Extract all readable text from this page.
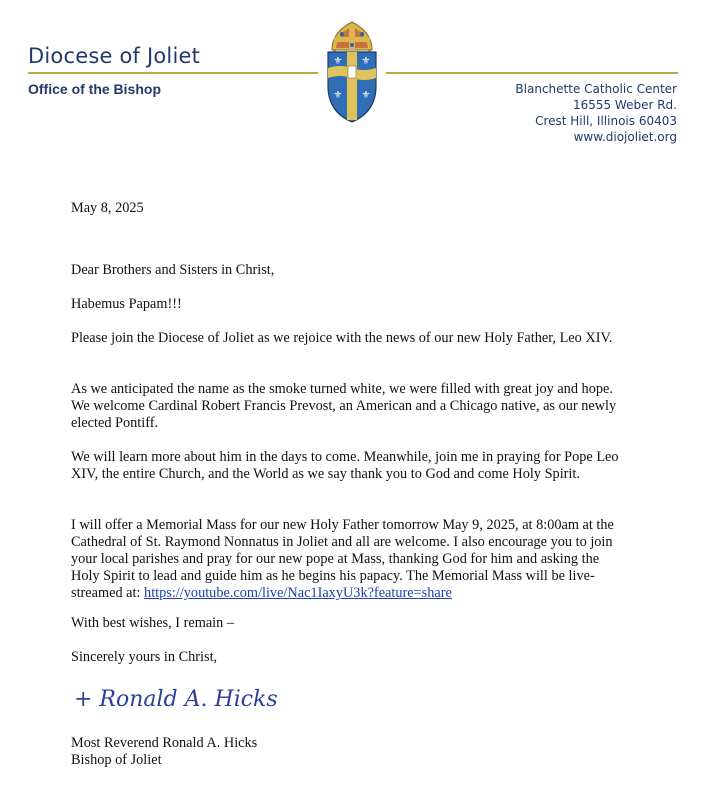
Diocese of Joliet
Office of the Bishop	Blanchette Catholic Center
16555 Weber Rd.
Crest Hill, Illinois 60403
www.diojoliet.org
⚜ ⚜
⚜ ⚜

May 8, 2025

Dear Brothers and Sisters in Christ,

Habemus Papam!!!

Please join the Diocese of Joliet as we rejoice with the news of our new Holy Father, Leo XIV.

As we anticipated the name as the smoke turned white, we were filled with great joy and hope. We welcome Cardinal Robert Francis Prevost, an American and a Chicago native, as our newly elected Pontiff.

We will learn more about him in the days to come. Meanwhile, join me in praying for Pope Leo XIV, the entire Church, and the World as we say thank you to God and come Holy Spirit.

I will offer a Memorial Mass for our new Holy Father tomorrow May 9, 2025, at 8:00am at the Cathedral of St. Raymond Nonnatus in Joliet and all are welcome. I also encourage you to join your local parishes and pray for our new pope at Mass, thanking God for him and asking the Holy Spirit to lead and guide him as he begins his papacy. The Memorial Mass will be live-streamed at: https://youtube.com/live/Nac1IaxyU3k?feature=share

With best wishes, I remain –

Sincerely yours in Christ,

+ Ronald A. Hicks

Most Reverend Ronald A. Hicks

Bishop of Joliet
